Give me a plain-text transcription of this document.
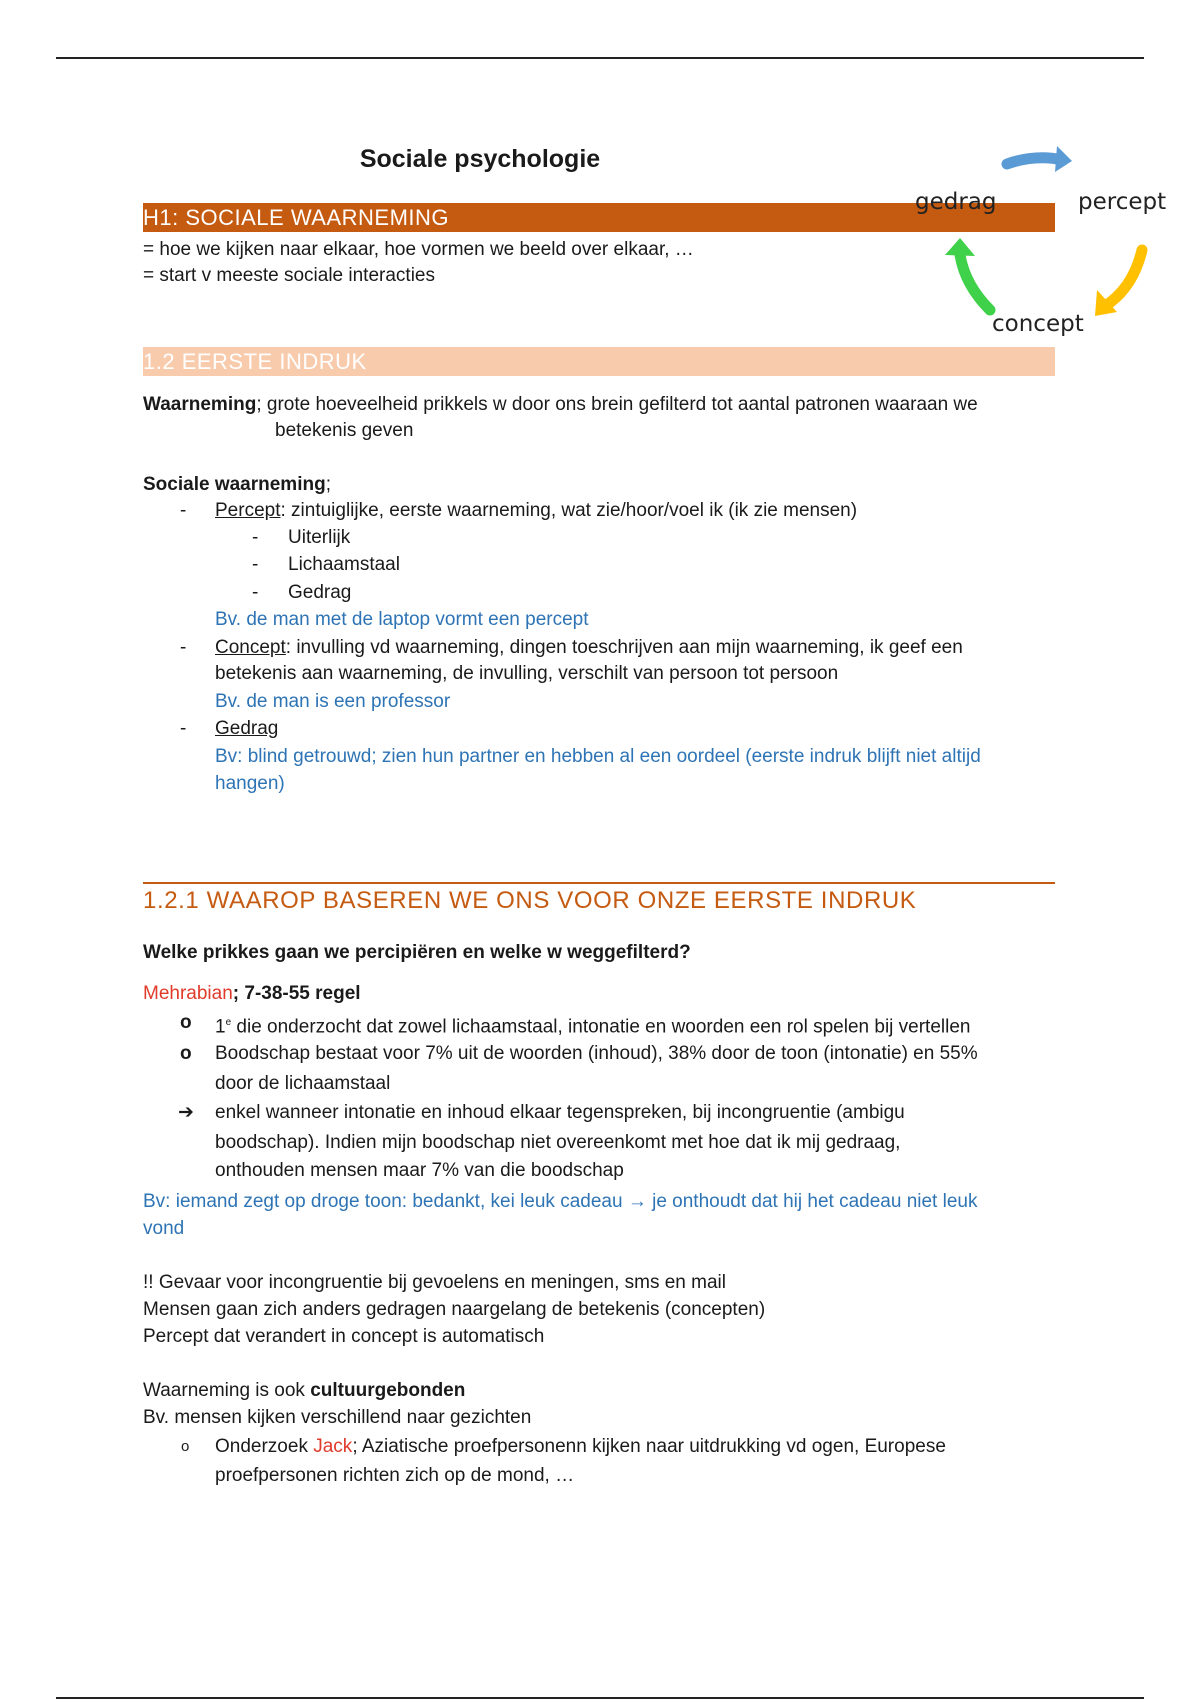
Sociale psychologie
H1: SOCIALE WAARNEMING
gedrag	percept
concept
= hoe we kijken naar elkaar, hoe vormen we beeld over elkaar, …
= start v meeste sociale interacties
1.2 EERSTE INDRUK
Waarneming; grote hoeveelheid prikkels w door ons brein gefilterd tot aantal patronen waaraan we
betekenis geven
Sociale waarneming;
- Percept: zintuiglijke, eerste waarneming, wat zie/hoor/voel ik (ik zie mensen)
- Uiterlijk
- Lichaamstaal
- Gedrag
Bv. de man met de laptop vormt een percept
- Concept: invulling vd waarneming, dingen toeschrijven aan mijn waarneming, ik geef een
betekenis aan waarneming, de invulling, verschilt van persoon tot persoon
Bv. de man is een professor
- Gedrag
Bv: blind getrouwd; zien hun partner en hebben al een oordeel (eerste indruk blijft niet altijd
hangen)
1.2.1 WAAROP BASEREN WE ONS VOOR ONZE EERSTE INDRUK
Welke prikkes gaan we percipiëren en welke w weggefilterd?
Mehrabian; 7-38-55 regel
o 1e die onderzocht dat zowel lichaamstaal, intonatie en woorden een rol spelen bij vertellen
o Boodschap bestaat voor 7% uit de woorden (inhoud), 38% door de toon (intonatie) en 55%
door de lichaamstaal
➔ enkel wanneer intonatie en inhoud elkaar tegenspreken, bij incongruentie (ambigu
boodschap). Indien mijn boodschap niet overeenkomt met hoe dat ik mij gedraag,
onthouden mensen maar 7% van die boodschap
Bv: iemand zegt op droge toon: bedankt, kei leuk cadeau → je onthoudt dat hij het cadeau niet leuk
vond
!! Gevaar voor incongruentie bij gevoelens en meningen, sms en mail
Mensen gaan zich anders gedragen naargelang de betekenis (concepten)
Percept dat verandert in concept is automatisch
Waarneming is ook cultuurgebonden
Bv. mensen kijken verschillend naar gezichten
o Onderzoek Jack; Aziatische proefpersonenn kijken naar uitdrukking vd ogen, Europese
proefpersonen richten zich op de mond, …
